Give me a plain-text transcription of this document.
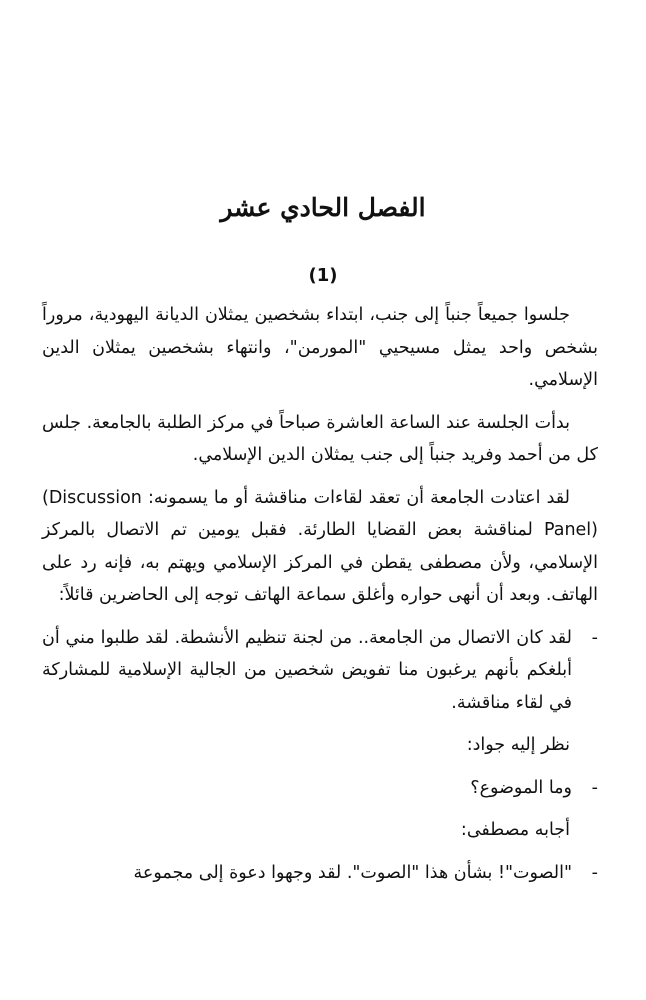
الفصل الحادي عشر
(1)

جلسوا جميعاً جنباً إلى جنب، ابتداء بشخصين يمثلان الديانة اليهودية، مروراً بشخص واحد يمثل مسيحيي "المورمن"، وانتهاء بشخصين يمثلان الدين الإسلامي.

بدأت الجلسة عند الساعة العاشرة صباحاً في مركز الطلبة بالجامعة. جلس كل من أحمد وفريد جنباً إلى جنب يمثلان الدين الإسلامي.

لقد اعتادت الجامعة أن تعقد لقاءات مناقشة أو ما يسمونه: (Discussion Panel) لمناقشة بعض القضايا الطارئة. فقبل يومين تم الاتصال بالمركز الإسلامي، ولأن مصطفى يقطن في المركز الإسلامي ويهتم به، فإنه رد على الهاتف. وبعد أن أنهى حواره وأغلق سماعة الهاتف توجه إلى الحاضرين قائلاً:

-
لقد كان الاتصال من الجامعة.. من لجنة تنظيم الأنشطة. لقد طلبوا مني أن أبلغكم بأنهم يرغبون منا تفويض شخصين من الجالية الإسلامية للمشاركة في لقاء مناقشة.
نظر إليه جواد:
-
وما الموضوع؟
أجابه مصطفى:
-
"الصوت"! بشأن هذا "الصوت". لقد وجهوا دعوة إلى مجموعة
